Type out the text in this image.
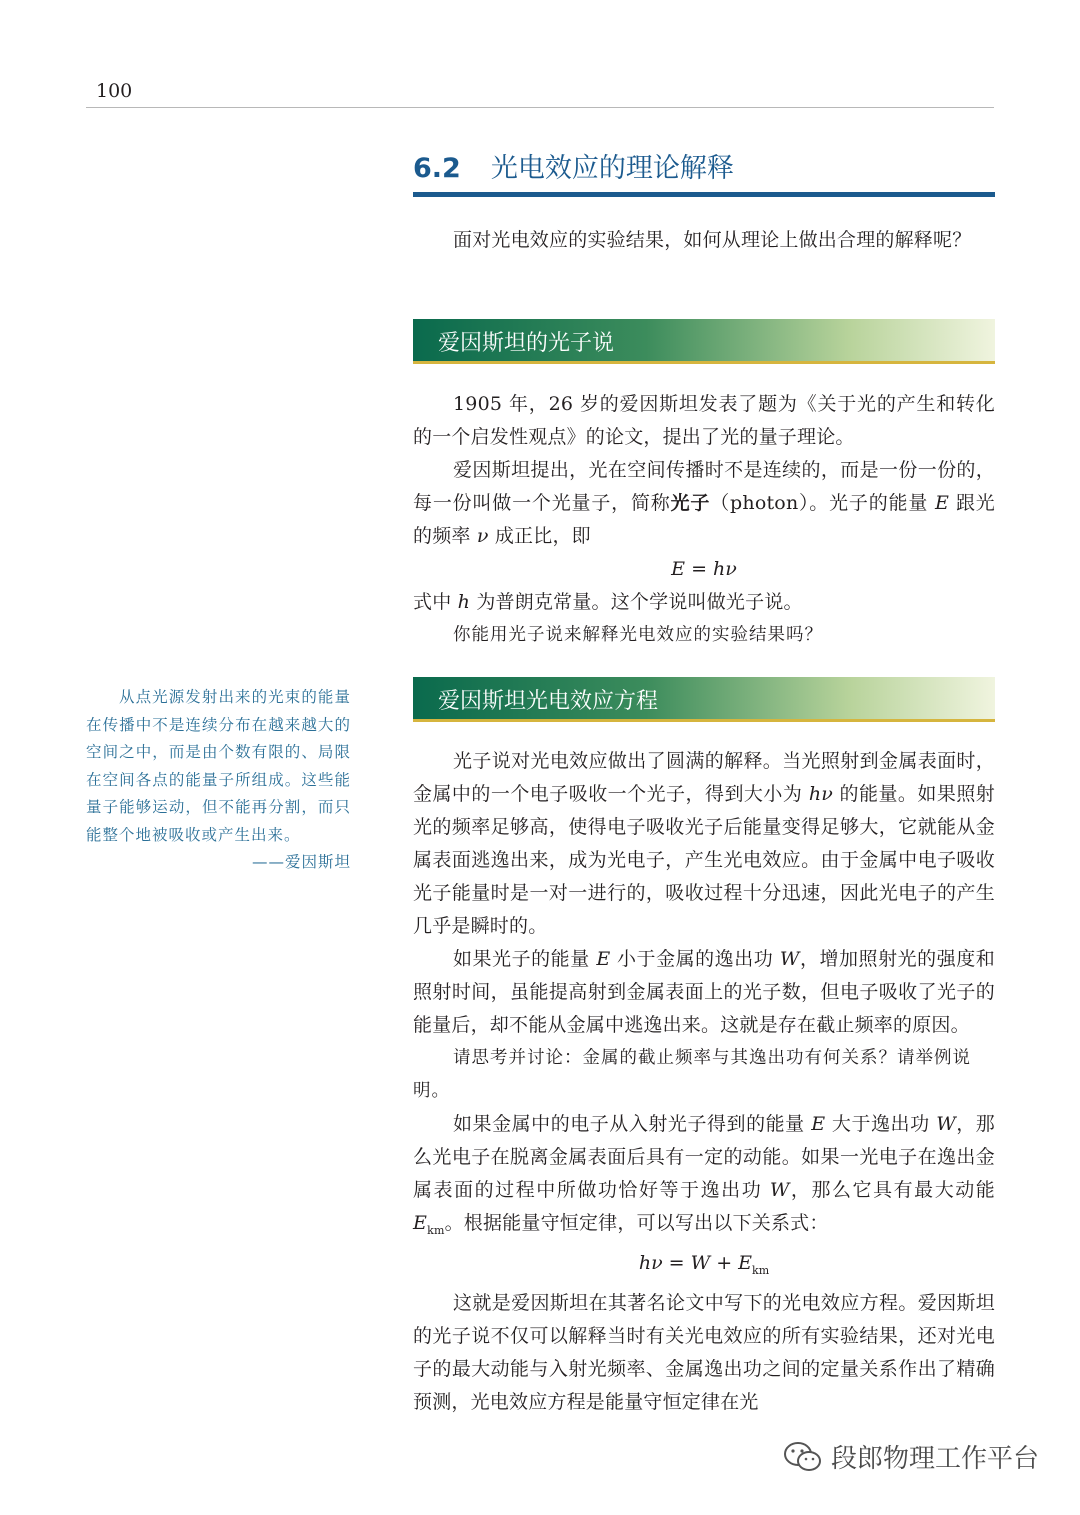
100
6.2 光电效应的理论解释

面对光电效应的实验结果，如何从理论上做出合理的解释呢？

爱因斯坦的光子说

1905 年，26 岁的爱因斯坦发表了题为《关于光的产生和转化的一个启发性观点》的论文，提出了光的量子理论。

爱因斯坦提出，光在空间传播时不是连续的，而是一份一份的，每一份叫做一个光量子，简称光子（photon）。光子的能量 E 跟光的频率 ν 成正比，即

E = hν

式中 h 为普朗克常量。这个学说叫做光子说。

你能用光子说来解释光电效应的实验结果吗？

从点光源发射出来的光束的能量在传播中不是连续分布在越来越大的空间之中，而是由个数有限的、局限在空间各点的能量子所组成。这些能量子能够运动，但不能再分割，而只能整个地被吸收或产生出来。

——爱因斯坦

爱因斯坦光电效应方程

光子说对光电效应做出了圆满的解释。当光照射到金属表面时，金属中的一个电子吸收一个光子，得到大小为 hν 的能量。如果照射光的频率足够高，使得电子吸收光子后能量变得足够大，它就能从金属表面逃逸出来，成为光电子，产生光电效应。由于金属中电子吸收光子能量时是一对一进行的，吸收过程十分迅速，因此光电子的产生几乎是瞬时的。

如果光子的能量 E 小于金属的逸出功 W，增加照射光的强度和照射时间，虽能提高射到金属表面上的光子数，但电子吸收了光子的能量后，却不能从金属中逃逸出来。这就是存在截止频率的原因。

请思考并讨论：金属的截止频率与其逸出功有何关系？请举例说明。

如果金属中的电子从入射光子得到的能量 E 大于逸出功 W，那么光电子在脱离金属表面后具有一定的动能。如果一光电子在逸出金属表面的过程中所做功恰好等于逸出功 W，那么它具有最大动能 $E_{km}$。根据能量守恒定律，可以写出以下关系式：

$h\nu = W + E_{km}$

这就是爱因斯坦在其著名论文中写下的光电效应方程。爱因斯坦的光子说不仅可以解释当时有关光电效应的所有实验结果，还对光电子的最大动能与入射光频率、金属逸出功之间的定量关系作出了精确预测，光电效应方程是能量守恒定律在光

段郎物理工作平台
